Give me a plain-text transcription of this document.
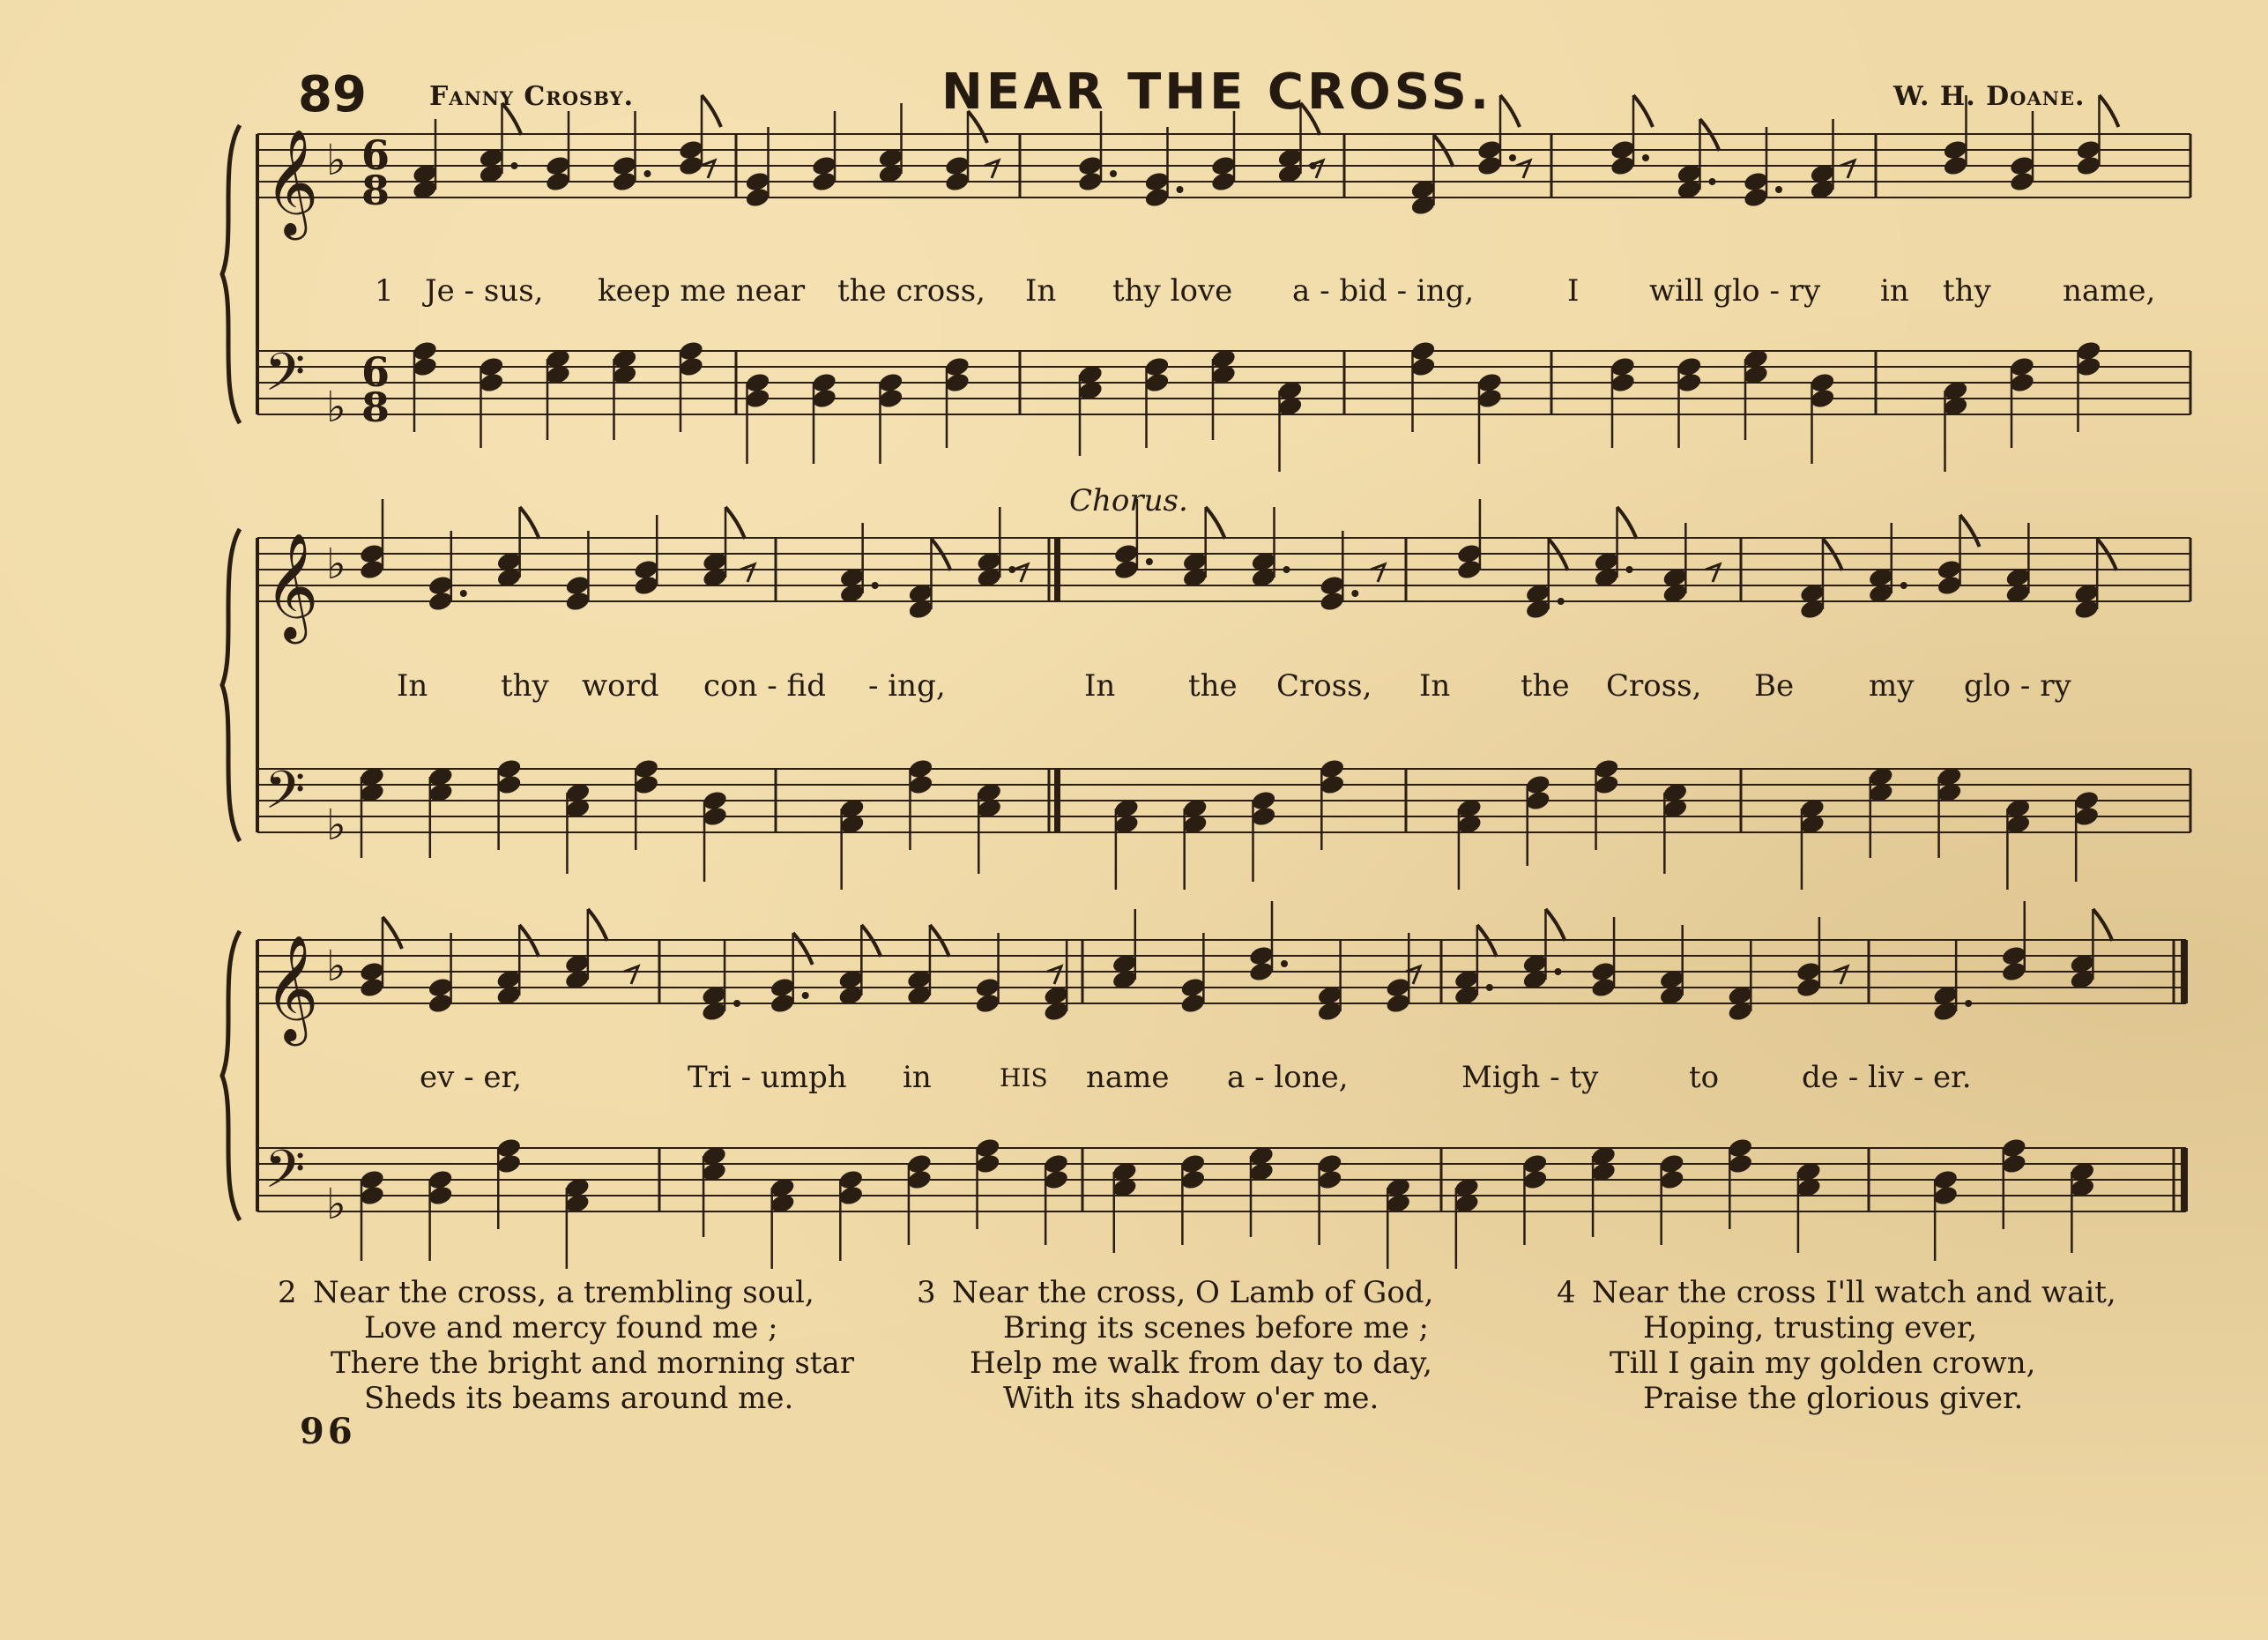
89 Fanny Crosby.	NEAR THE CROSS.	W. H. Doane.
Chorus.
𝄞 ♭ 6
8
𝄢 ♭
6
8
𝄞 ♭
𝄢 ♭
𝄞 ♭
𝄢 ♭
1 Je - sus, keep me near the cross, In thy love a - bid - ing,	I will glo - ry in thy name,
In thy word con - fid - ing,	In the Cross, In the Cross, Be my glo - ry
ev - er,	Tri - umph in	HIS name a - lone,	Migh - ty	to	de - liv - er.
2 Near the cross, a trembling soul,
Love and mercy found me ;
There the bright and morning star
Sheds its beams around me.
3 Near the cross, O Lamb of God,
Bring its scenes before me ;
Help me walk from day to day,
With its shadow o'er me.
4 Near the cross I'll watch and wait,
Hoping, trusting ever,
Till I gain my golden crown,
Praise the glorious giver.
96
